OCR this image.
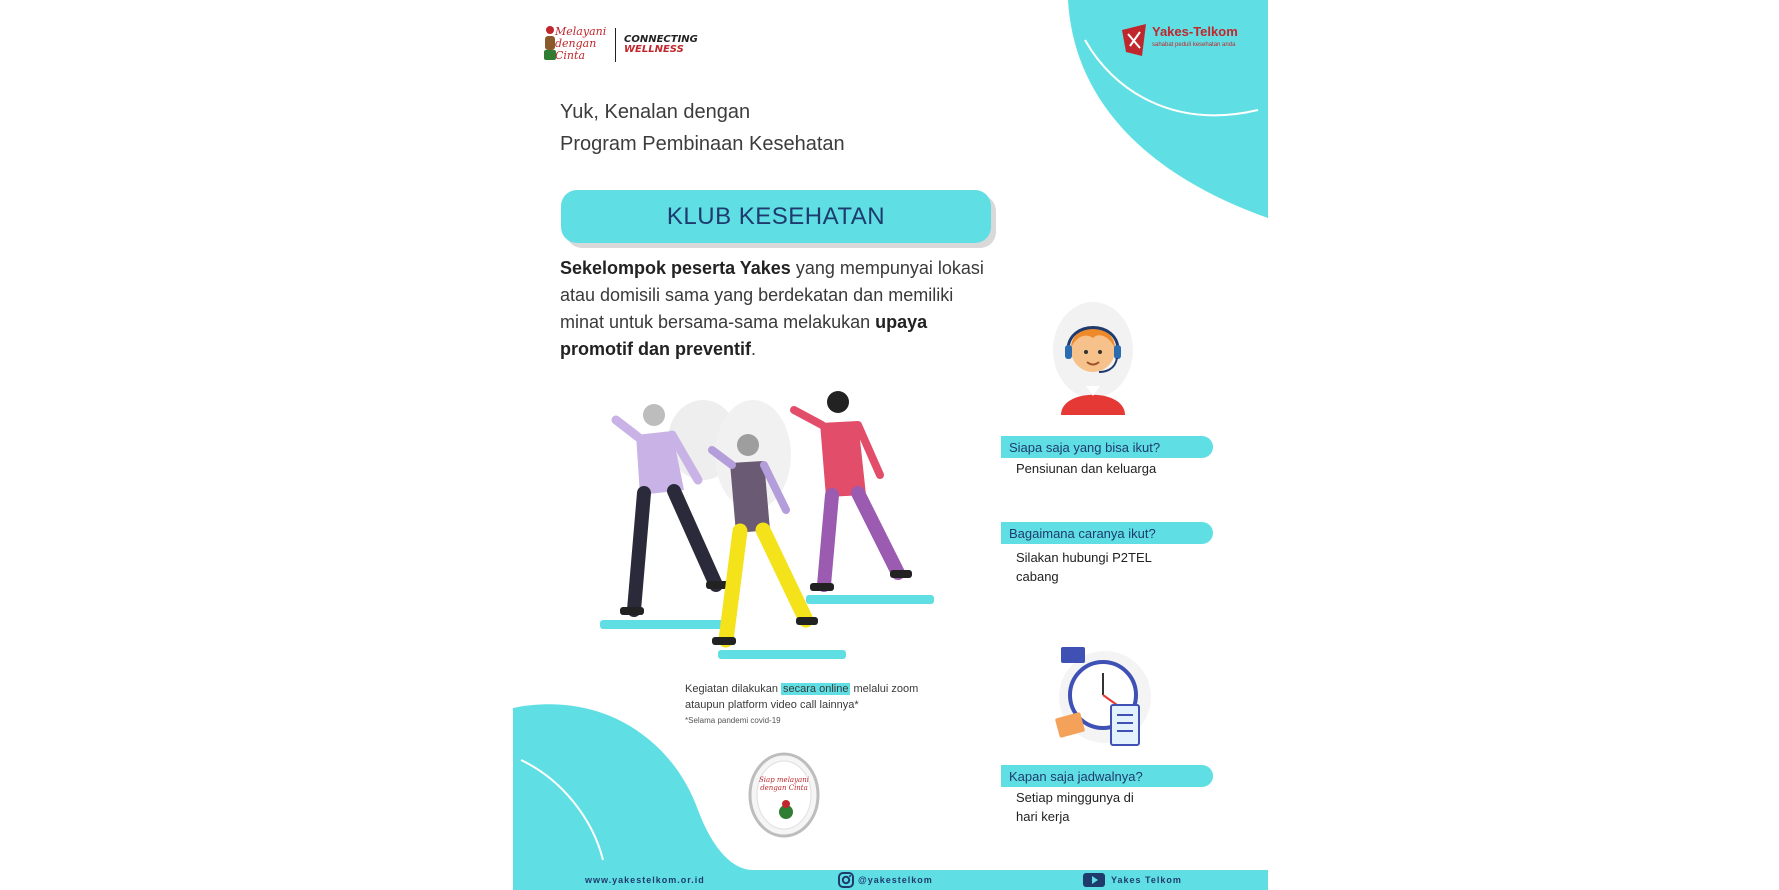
Melayani dengan Cinta
CONNECTING
WELLNESS
Yakes-Telkom
sahabat peduli kesehatan anda
Yuk, Kenalan dengan
Program Pembinaan Kesehatan
KLUB KESEHATAN
Sekelompok peserta Yakes yang mempunyai lokasi atau domisili sama yang berdekatan dan memiliki minat untuk bersama-sama melakukan upaya promotif dan preventif.
Kegiatan dilakukan secara online melalui zoom ataupun platform video call lainnya*
*Selama pandemi covid-19
Siap melayani dengan Cinta
Siapa saja yang bisa ikut?
Pensiunan dan keluarga
Bagaimana caranya ikut?
Silakan hubungi P2TEL cabang
Kapan saja jadwalnya?
Setiap minggunya di hari kerja
www.yakestelkom.or.id	@yakestelkom	Yakes Telkom
